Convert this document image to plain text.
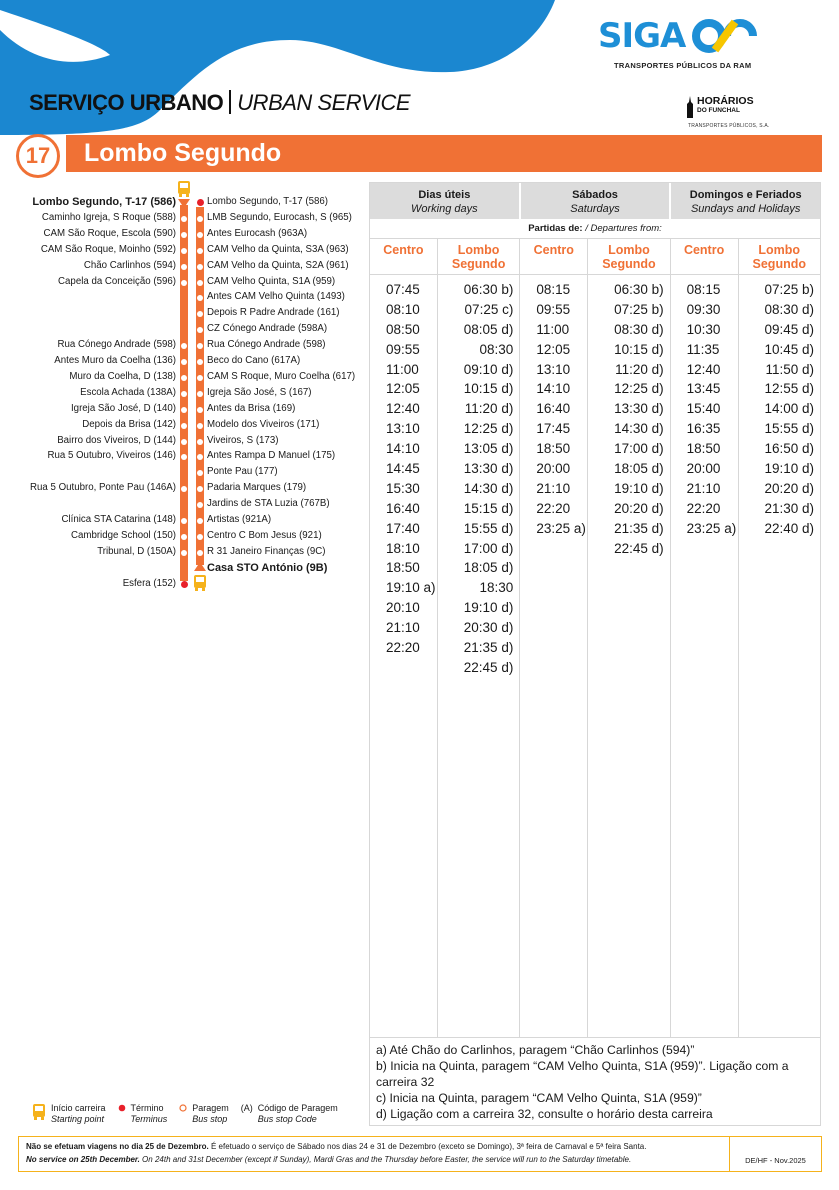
SIGA
TRANSPORTES PÚBLICOS DA RAM
HORÁRIOS
DO FUNCHAL
TRANSPORTES PÚBLICOS, S.A.
SERVIÇO URBANO URBAN SERVICE
17	Lombo Segundo
Lombo Segundo, T-17 (586)
Caminho Igreja, S Roque (588)
CAM São Roque, Escola (590)
CAM São Roque, Moinho (592)
Chão Carlinhos (594)
Capela da Conceição (596)
Rua Cónego Andrade (598)
Antes Muro da Coelha (136)
Muro da Coelha, D (138)
Escola Achada (138A)
Igreja São José, D (140)
Depois da Brisa (142)
Bairro dos Viveiros, D (144)
Rua 5 Outubro, Viveiros (146)
Rua 5 Outubro, Ponte Pau (146A)
Clínica STA Catarina (148)
Cambridge School (150)
Tribunal, D (150A)
Esfera (152)
Lombo Segundo, T-17 (586)
LMB Segundo, Eurocash, S (965)
Antes Eurocash (963A)
CAM Velho da Quinta, S3A (963)
CAM Velho da Quinta, S2A (961)
CAM Velho Quinta, S1A (959)
Antes CAM Velho Quinta (1493)
Depois R Padre Andrade (161)
CZ Cónego Andrade (598A)
Rua Cónego Andrade (598)
Beco do Cano (617A)
CAM S Roque, Muro Coelha (617)
Igreja São José, S (167)
Antes da Brisa (169)
Modelo dos Viveiros (171)
Viveiros, S (173)
Antes Rampa D Manuel (175)
Ponte Pau (177)
Padaria Marques (179)
Jardins de STA Luzia (767B)
Artistas (921A)
Centro C Bom Jesus (921)
R 31 Janeiro Finanças (9C)
Casa STO António (9B)
Dias úteis
Working days
Sábados
Saturdays
Domingos e Feriados
Sundays and Holidays
Partidas de: / Departures from:
Centro
07:45
08:10
08:50
09:55
11:00
12:05
12:40
13:10
14:10
14:45
15:30
16:40
17:40
18:10
18:50
19:10 a)
20:10
21:10
22:20
Lombo Segundo
06:30 b)
07:25 c)
08:05 d)
08:30
09:10 d)
10:15 d)
11:20 d)
12:25 d)
13:05 d)
13:30 d)
14:30 d)
15:15 d)
15:55 d)
17:00 d)
18:05 d)
18:30
19:10 d)
20:30 d)
21:35 d)
22:45 d)
Centro
08:15
09:55
11:00
12:05
13:10
14:10
16:40
17:45
18:50
20:00
21:10
22:20
23:25 a)
Lombo Segundo
06:30 b)
07:25 b)
08:30 d)
10:15 d)
11:20 d)
12:25 d)
13:30 d)
14:30 d)
17:00 d)
18:05 d)
19:10 d)
20:20 d)
21:35 d)
22:45 d)
Centro
08:15
09:30
10:30
11:35
12:40
13:45
15:40
16:35
18:50
20:00
21:10
22:20
23:25 a)
Lombo Segundo
07:25 b)
08:30 d)
09:45 d)
10:45 d)
11:50 d)
12:55 d)
14:00 d)
15:55 d)
16:50 d)
19:10 d)
20:20 d)
21:30 d)
22:40 d)
a) Até Chão do Carlinhos, paragem “Chão Carlinhos (594)”
b) Inicia na Quinta, paragem “CAM Velho Quinta, S1A (959)”. Ligação com a carreira 32
c) Inicia na Quinta, paragem “CAM Velho Quinta, S1A (959)”
d) Ligação com a carreira 32, consulte o horário desta carreira
Início carreira
Starting point
Término
Terminus
Paragem
Bus stop
(A) Código de Paragem
Bus stop Code
Não se efetuam viagens no dia 25 de Dezembro. É efetuado o serviço de Sábado nos dias 24 e 31 de Dezembro (exceto se Domingo), 3ª feira de Carnaval e 5ª feira Santa.
No service on 25th December. On 24th and 31st December (except if Sunday), Mardi Gras and the Thursday before Easter, the service will run to the Saturday timetable.	DE/HF - Nov.2025
